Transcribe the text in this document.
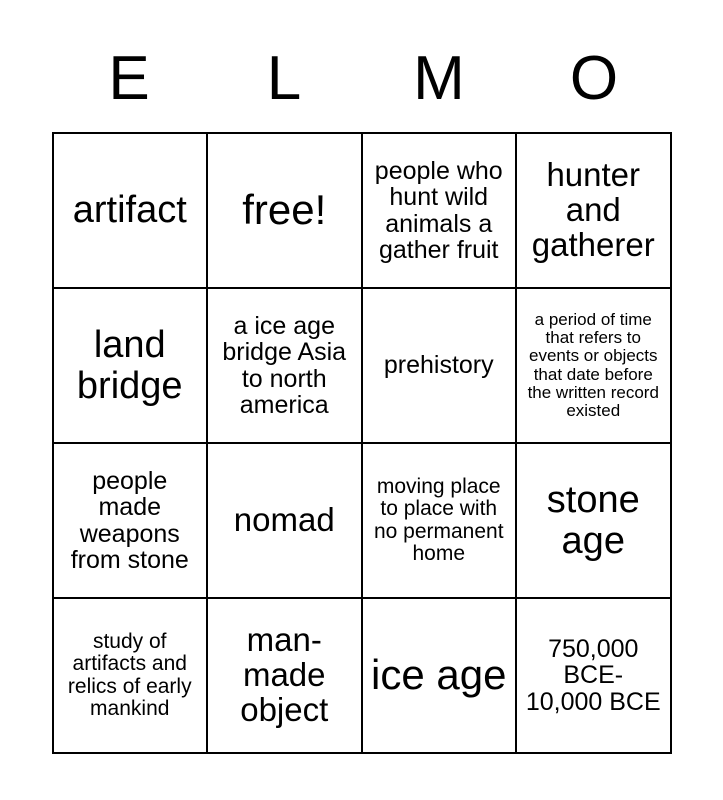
E	L	M	O
artifact	free!	people who hunt wild animals a gather fruit	hunter and gatherer
land bridge	a ice age bridge Asia to north america	prehistory	a period of time that refers to events or objects that date before the written record existed
people made weapons from stone	nomad	moving place to place with no permanent home	stone age
study of artifacts and relics of early mankind	man-made object	ice age	750,000 BCE- 10,000 BCE
